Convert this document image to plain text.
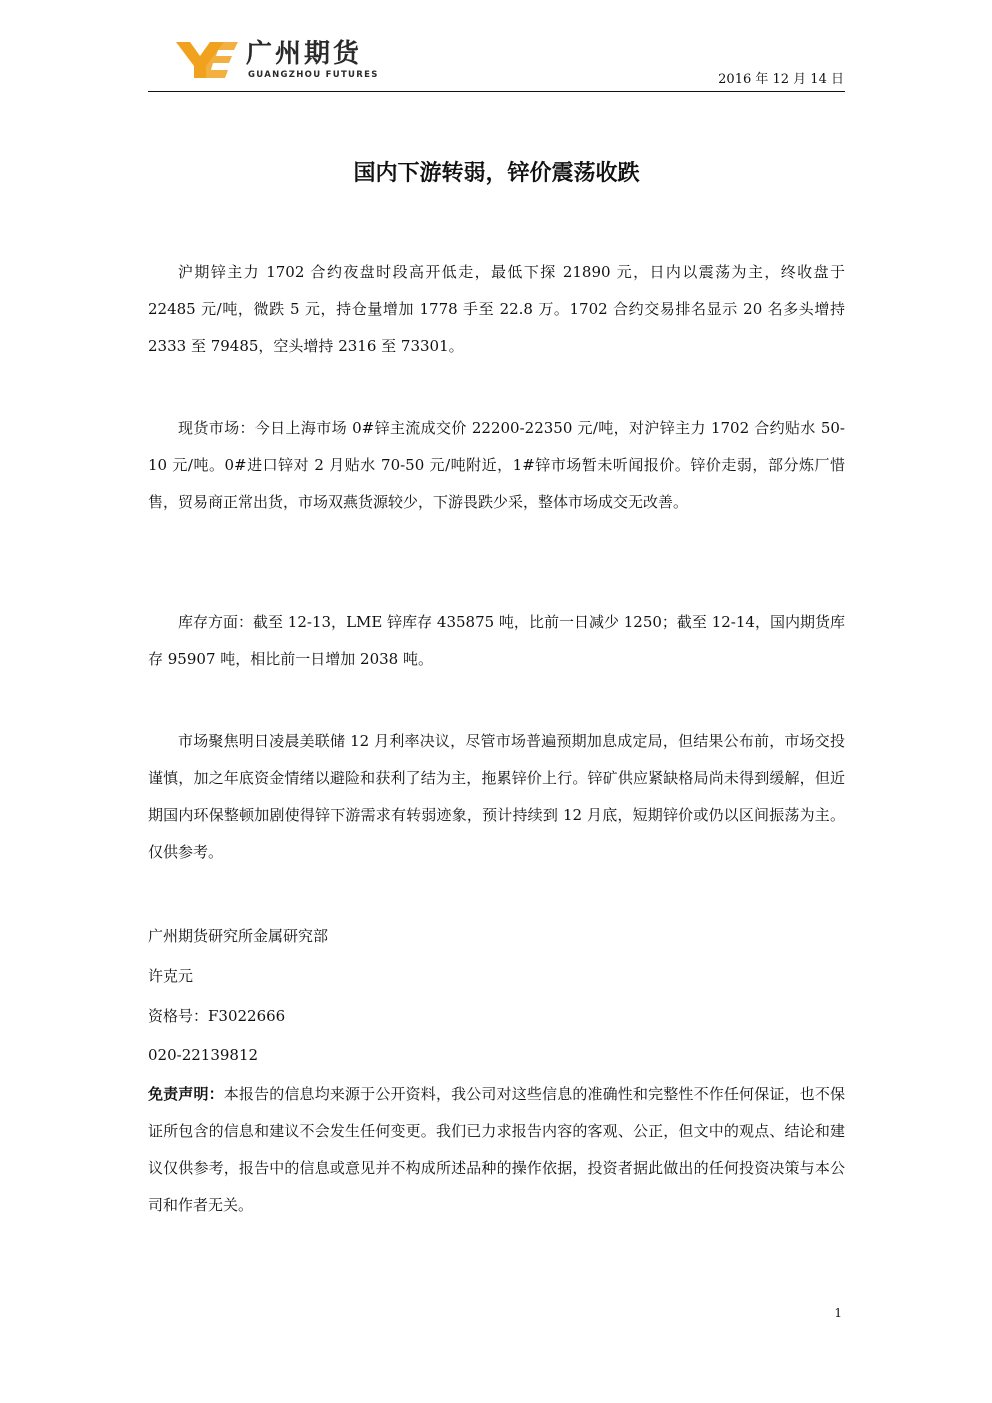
广州期货
GUANGZHOU FUTURES	2016 年 12 月 14 日
国内下游转弱，锌价震荡收跌

沪期锌主力 1702 合约夜盘时段高开低走，最低下探 21890 元，日内以震荡为主，终收盘于 22485 元/吨，微跌 5 元，持仓量增加 1778 手至 22.8 万。1702 合约交易排名显示 20 名多头增持 2333 至 79485，空头增持 2316 至 73301。

现货市场：今日上海市场 0#锌主流成交价 22200-22350 元/吨，对沪锌主力 1702 合约贴水 50-10 元/吨。0#进口锌对 2 月贴水 70-50 元/吨附近，1#锌市场暂未听闻报价。锌价走弱，部分炼厂惜售，贸易商正常出货，市场双燕货源较少，下游畏跌少采，整体市场成交无改善。

库存方面：截至 12-13，LME 锌库存 435875 吨，比前一日减少 1250；截至 12-14，国内期货库存 95907 吨，相比前一日增加 2038 吨。

市场聚焦明日凌晨美联储 12 月利率决议，尽管市场普遍预期加息成定局，但结果公布前，市场交投谨慎，加之年底资金情绪以避险和获利了结为主，拖累锌价上行。锌矿供应紧缺格局尚未得到缓解，但近期国内环保整顿加剧使得锌下游需求有转弱迹象，预计持续到 12 月底，短期锌价或仍以区间振荡为主。仅供参考。

广州期货研究所金属研究部
许克元
资格号：F3022666
020-22139812

免责声明：本报告的信息均来源于公开资料，我公司对这些信息的准确性和完整性不作任何保证，也不保证所包含的信息和建议不会发生任何变更。我们已力求报告内容的客观、公正，但文中的观点、结论和建议仅供参考，报告中的信息或意见并不构成所述品种的操作依据，投资者据此做出的任何投资决策与本公司和作者无关。

1
